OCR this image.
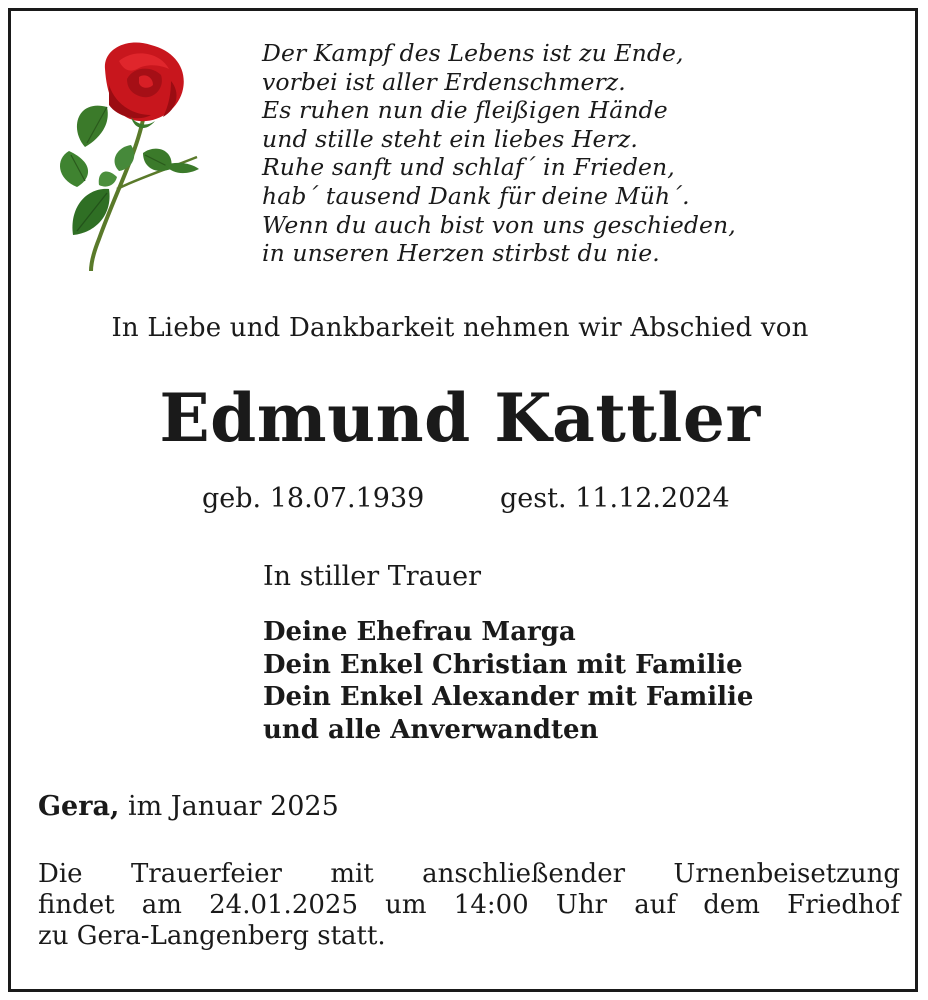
Der Kampf des Lebens ist zu Ende,
vorbei ist aller Erdenschmerz.
Es ruhen nun die fleißigen Hände
und stille steht ein liebes Herz.
Ruhe sanft und schlaf´ in Frieden,
hab´ tausend Dank für deine Müh´.
Wenn du auch bist von uns geschieden,
in unseren Herzen stirbst du nie.
In Liebe und Dankbarkeit nehmen wir Abschied von
Edmund Kattler
geb. 18.07.1939	gest. 11.12.2024
In stiller Trauer
Deine Ehefrau Marga
Dein Enkel Christian mit Familie
Dein Enkel Alexander mit Familie
und alle Anverwandten
Gera, im Januar 2025
Die Trauerfeier mit anschließender Urnenbeisetzung
findet am 24.01.2025 um 14:00 Uhr auf dem Friedhof
zu Gera-Langenberg statt.
